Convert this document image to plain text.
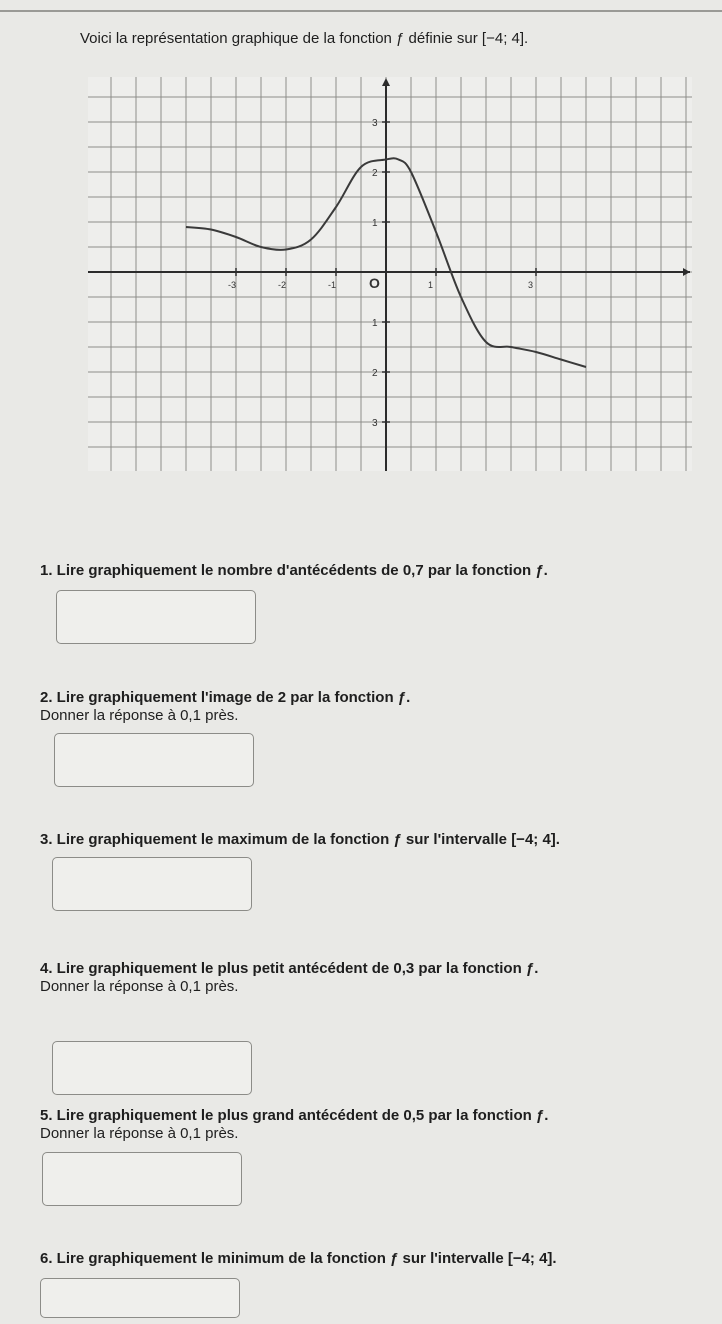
Voici la représentation graphique de la fonction ƒ définie sur [−4; 4].
-3	-2	-1 O	1	3
3
2
1
1
2
3
1. Lire graphiquement le nombre d'antécédents de 0,7 par la fonction ƒ.
2. Lire graphiquement l'image de 2 par la fonction ƒ.
Donner la réponse à 0,1 près.
3. Lire graphiquement le maximum de la fonction ƒ sur l'intervalle [−4; 4].
4. Lire graphiquement le plus petit antécédent de 0,3 par la fonction ƒ.
Donner la réponse à 0,1 près.
5. Lire graphiquement le plus grand antécédent de 0,5 par la fonction ƒ.
Donner la réponse à 0,1 près.
6. Lire graphiquement le minimum de la fonction ƒ sur l'intervalle [−4; 4].
